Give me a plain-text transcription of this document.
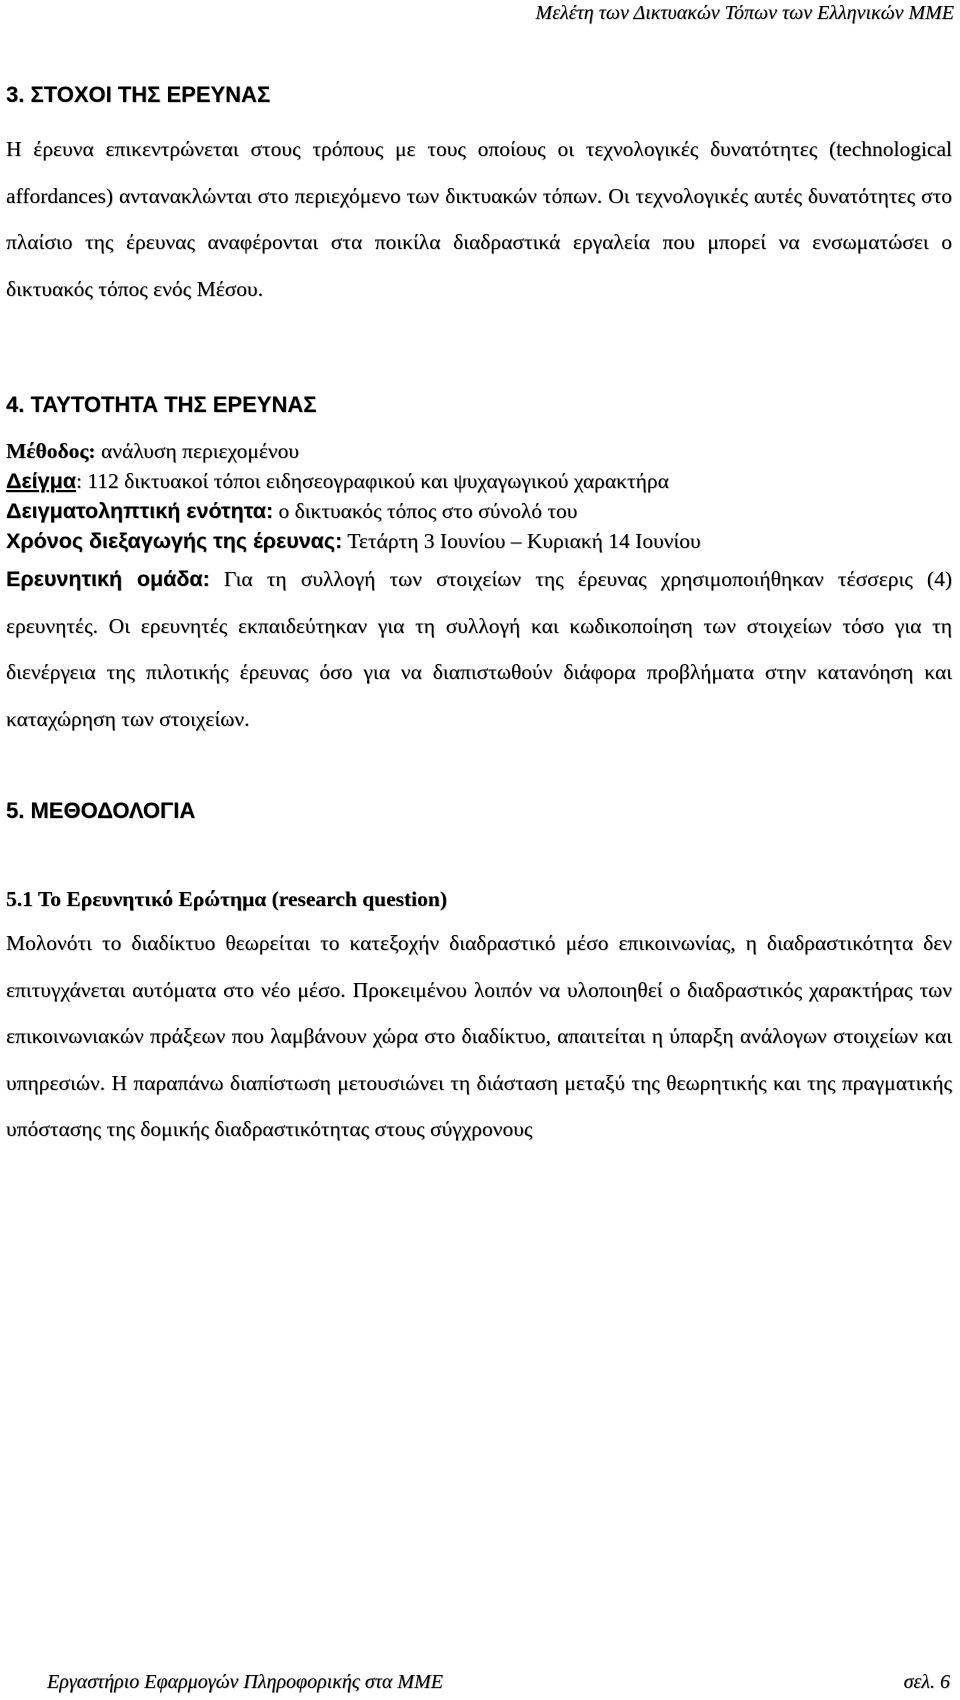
Μελέτη των Δικτυακών Τόπων των Ελληνικών ΜΜΕ
3. ΣΤΟΧΟΙ ΤΗΣ ΕΡΕΥΝΑΣ

Η έρευνα επικεντρώνεται στους τρόπους με τους οποίους οι τεχνολογικές δυνατότητες (technological affordances) αντανακλώνται στο περιεχόμενο των δικτυακών τόπων. Οι τεχνολογικές αυτές δυνατότητες στο πλαίσιο της έρευνας αναφέρονται στα ποικίλα διαδραστικά εργαλεία που μπορεί να ενσωματώσει ο δικτυακός τόπος ενός Μέσου.

4. ΤΑΥΤΟΤΗΤΑ ΤΗΣ ΕΡΕΥΝΑΣ

Μέθοδος: ανάλυση περιεχομένου

Δείγμα: 112 δικτυακοί τόποι ειδησεογραφικού και ψυχαγωγικού χαρακτήρα

Δειγματοληπτική ενότητα: ο δικτυακός τόπος στο σύνολό του

Χρόνος διεξαγωγής της έρευνας: Τετάρτη 3 Ιουνίου – Κυριακή 14 Ιουνίου

Ερευνητική ομάδα: Για τη συλλογή των στοιχείων της έρευνας χρησιμοποιήθηκαν τέσσερις (4) ερευνητές. Οι ερευνητές εκπαιδεύτηκαν για τη συλλογή και κωδικοποίηση των στοιχείων τόσο για τη διενέργεια της πιλοτικής έρευνας όσο για να διαπιστωθούν διάφορα προβλήματα στην κατανόηση και καταχώρηση των στοιχείων.

5. ΜΕΘΟΔΟΛΟΓΙΑ
5.1 Το Ερευνητικό Ερώτημα (research question)

Μολονότι το διαδίκτυο θεωρείται το κατεξοχήν διαδραστικό μέσο επικοινωνίας, η διαδραστικότητα δεν επιτυγχάνεται αυτόματα στο νέο μέσο. Προκειμένου λοιπόν να υλοποιηθεί ο διαδραστικός χαρακτήρας των επικοινωνιακών πράξεων που λαμβάνουν χώρα στο διαδίκτυο, απαιτείται η ύπαρξη ανάλογων στοιχείων και υπηρεσιών. Η παραπάνω διαπίστωση μετουσιώνει τη διάσταση μεταξύ της θεωρητικής και της πραγματικής υπόστασης της δομικής διαδραστικότητας στους σύγχρονους

Εργαστήριο Εφαρμογών Πληροφορικής στα ΜΜΕ	σελ. 6
